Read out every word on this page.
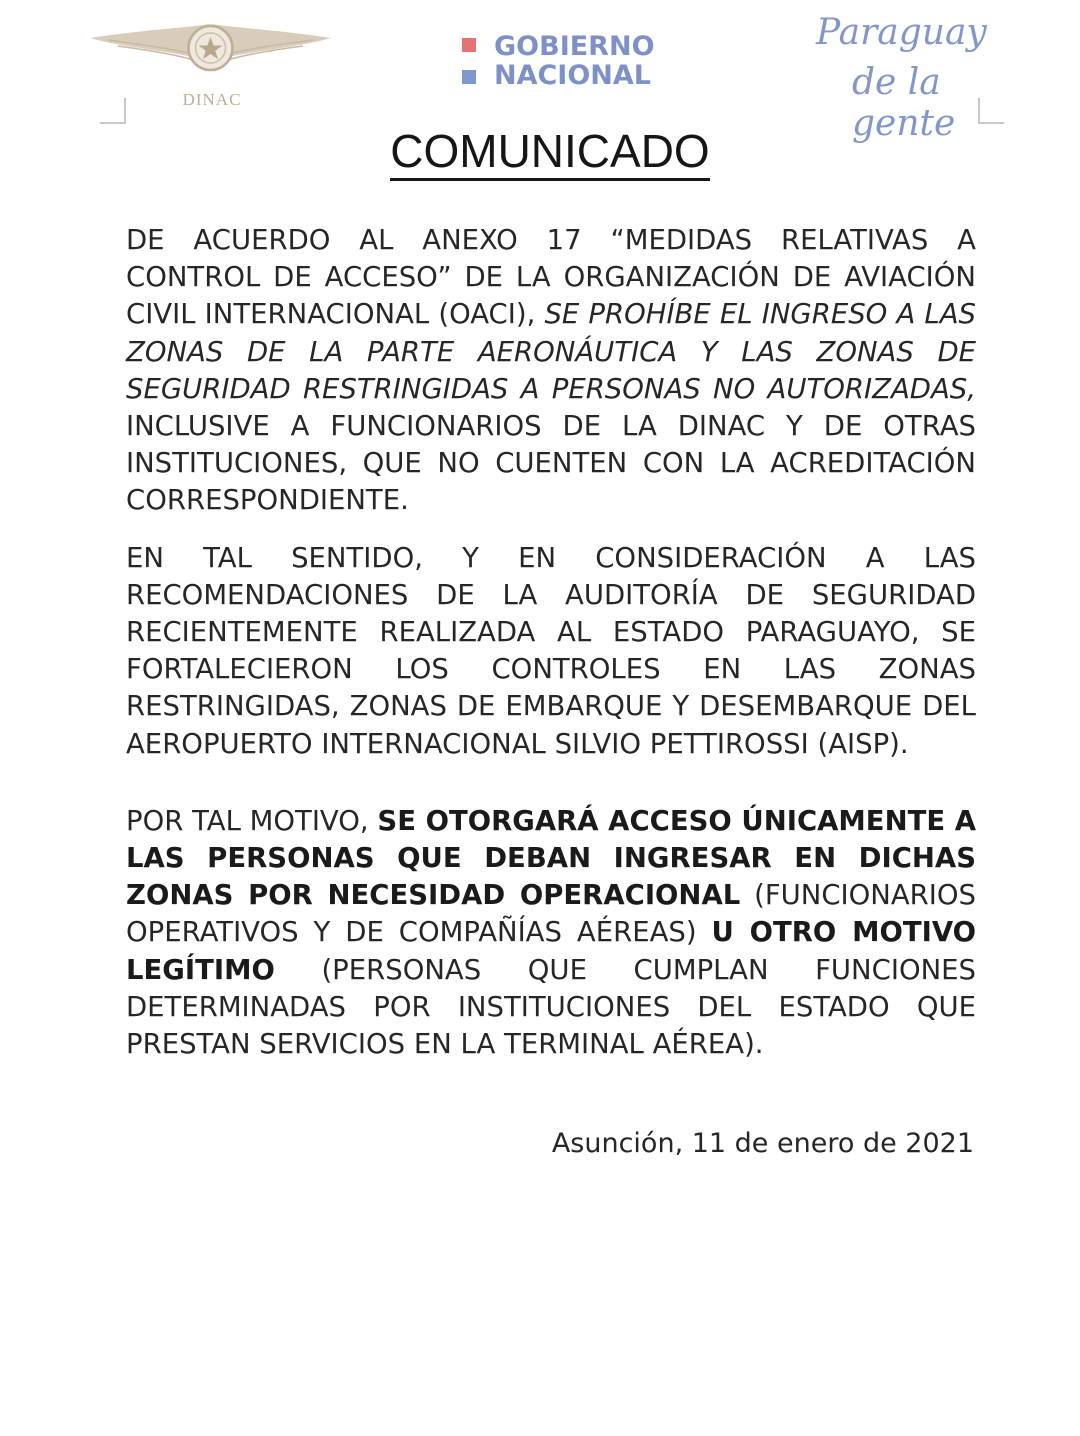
DINAC
GOBIERNO
NACIONAL
Paraguay
de la gente
COMUNICADO

DE ACUERDO AL ANEXO 17 “MEDIDAS RELATIVAS A CONTROL DE ACCESO” DE LA ORGANIZACIÓN DE AVIACIÓN CIVIL INTERNACIONAL (OACI), SE PROHÍBE EL INGRESO A LAS ZONAS DE LA PARTE AERONÁUTICA Y LAS ZONAS DE SEGURIDAD RESTRINGIDAS A PERSONAS NO AUTORIZADAS, INCLUSIVE A FUNCIONARIOS DE LA DINAC Y DE OTRAS INSTITUCIONES, QUE NO CUENTEN CON LA ACREDITACIÓN CORRESPONDIENTE.

EN TAL SENTIDO, Y EN CONSIDERACIÓN A LAS RECOMENDACIONES DE LA AUDITORÍA DE SEGURIDAD RECIENTEMENTE REALIZADA AL ESTADO PARAGUAYO, SE FORTALECIERON LOS CONTROLES EN LAS ZONAS RESTRINGIDAS, ZONAS DE EMBARQUE Y DESEMBARQUE DEL AEROPUERTO INTERNACIONAL SILVIO PETTIROSSI (AISP).

POR TAL MOTIVO, SE OTORGARÁ ACCESO ÚNICAMENTE A LAS PERSONAS QUE DEBAN INGRESAR EN DICHAS ZONAS POR NECESIDAD OPERACIONAL (FUNCIONARIOS OPERATIVOS Y DE COMPAÑÍAS AÉREAS) U OTRO MOTIVO LEGÍTIMO (PERSONAS QUE CUMPLAN FUNCIONES DETERMINADAS POR INSTITUCIONES DEL ESTADO QUE PRESTAN SERVICIOS EN LA TERMINAL AÉREA).

Asunción, 11 de enero de 2021
